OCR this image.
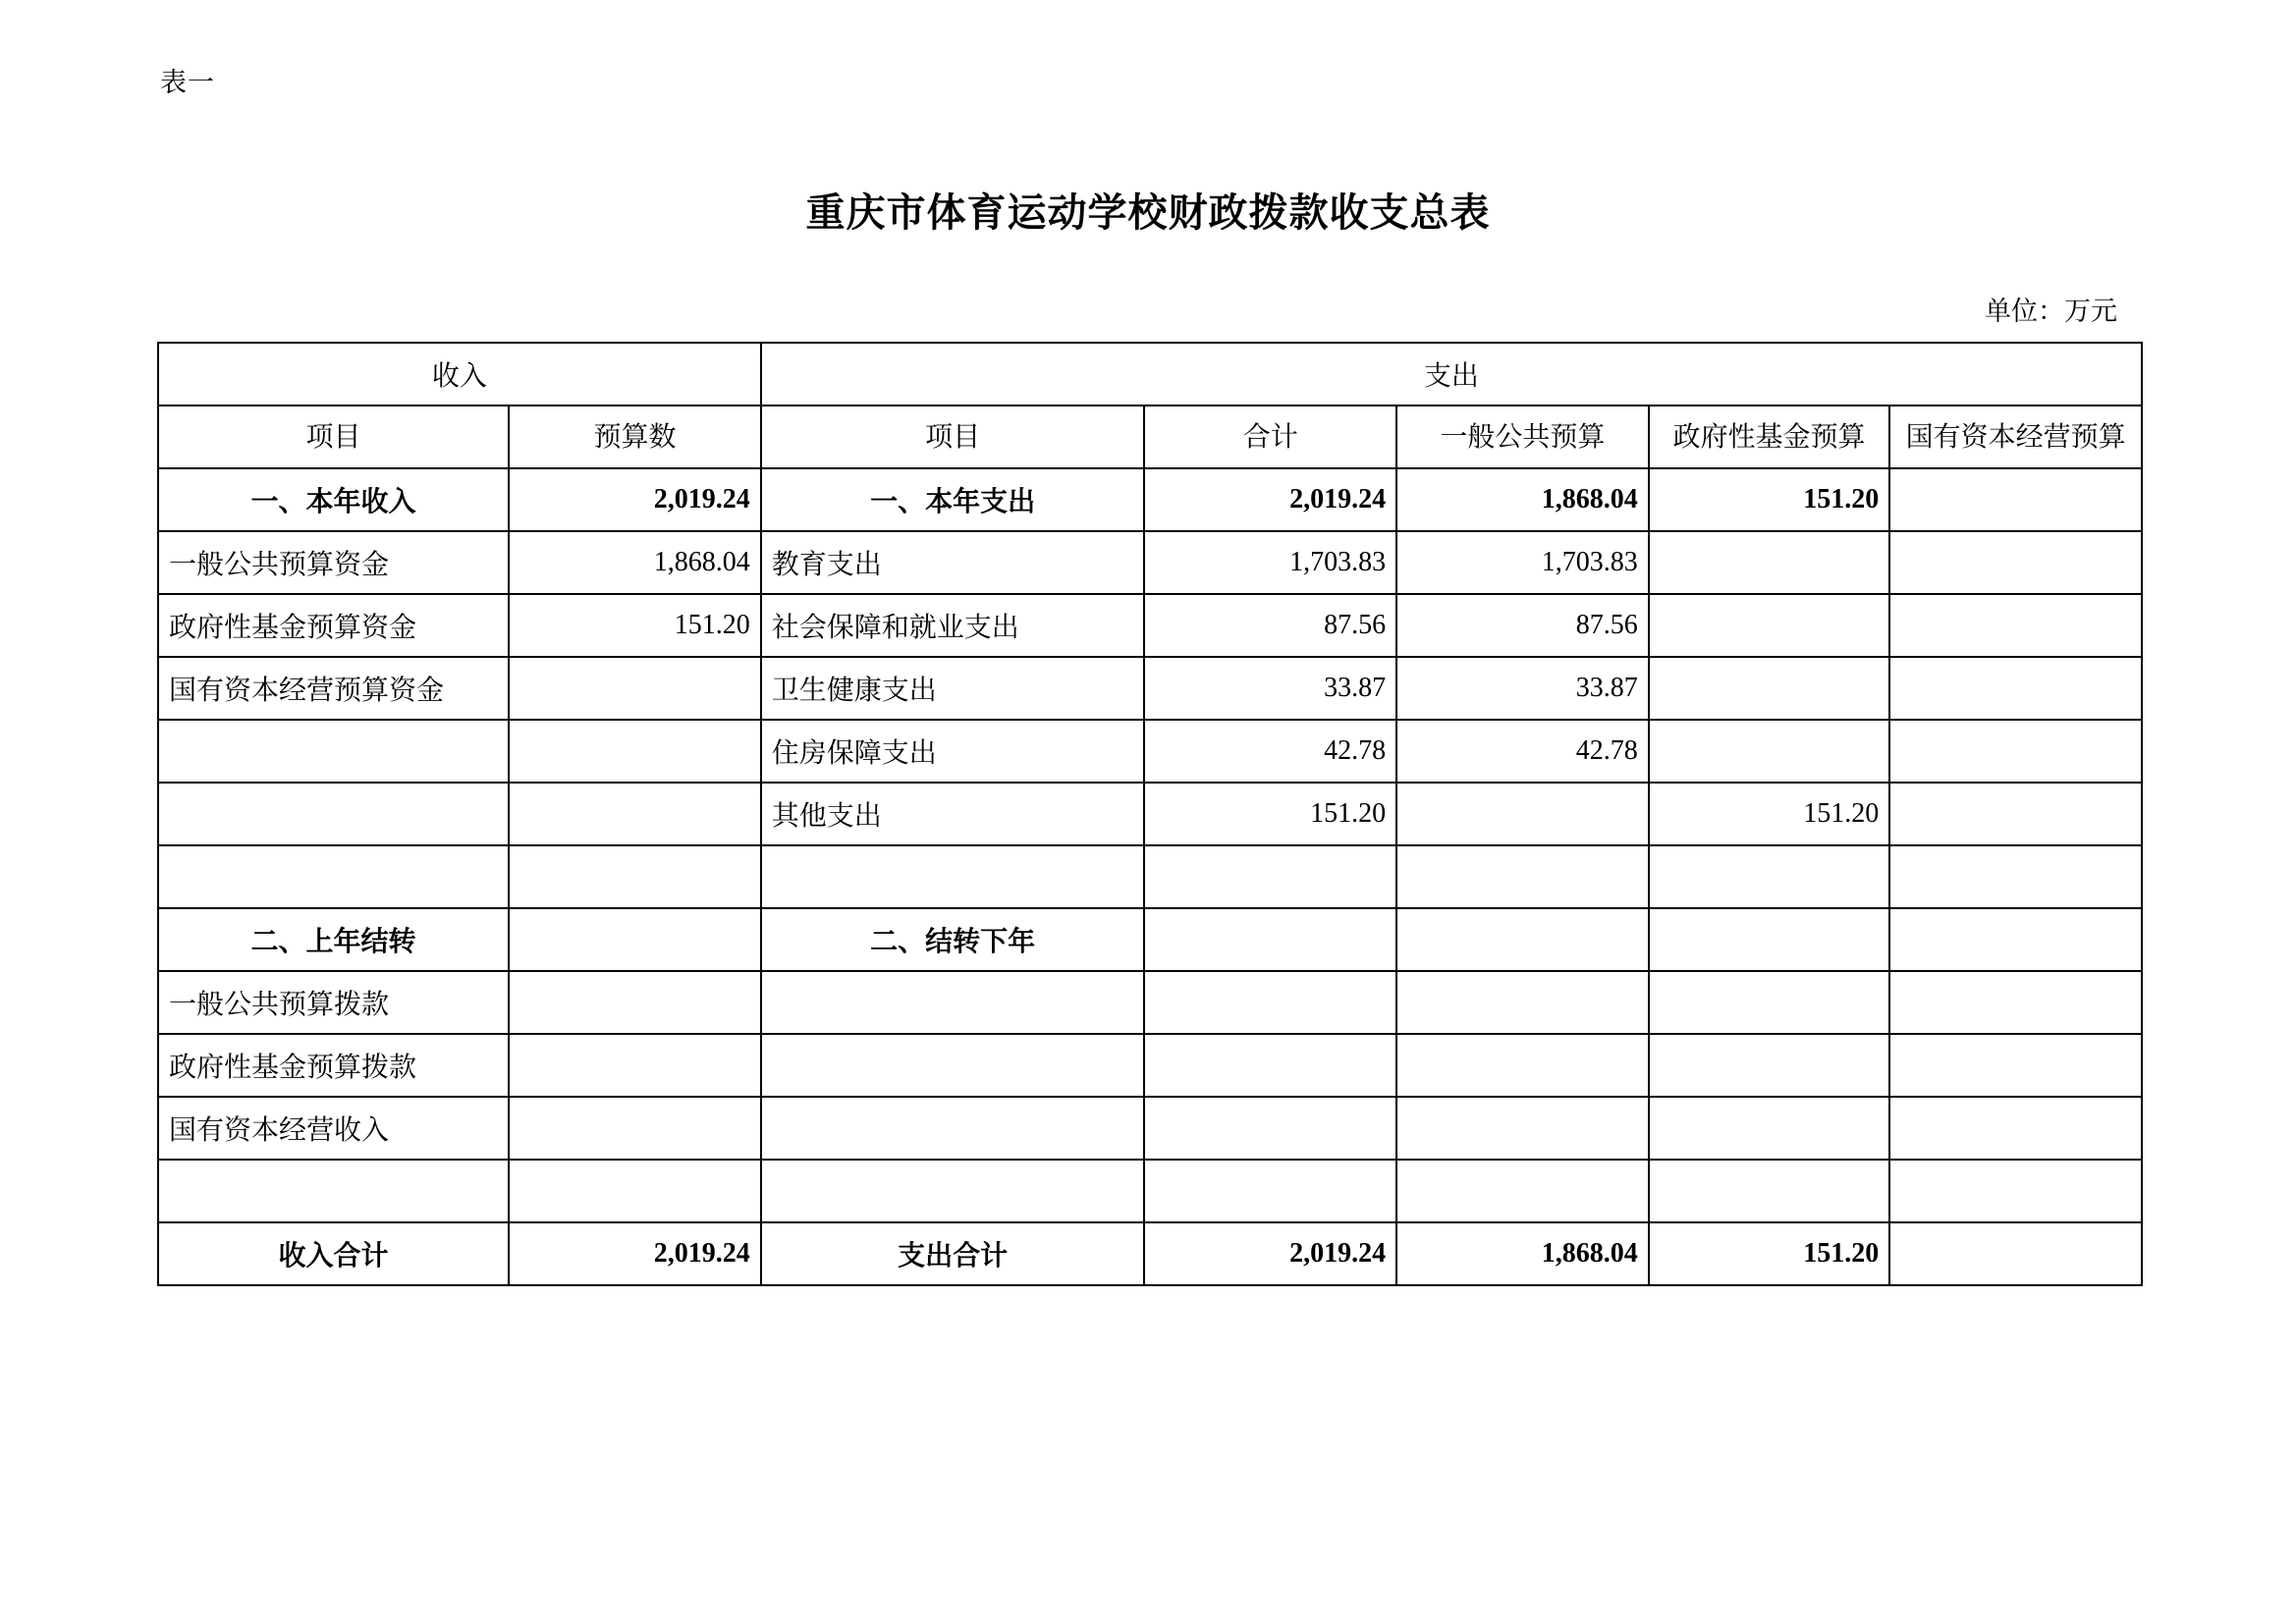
表一
重庆市体育运动学校财政拨款收支总表
单位：万元
收入		支出				
项目	预算数	项目	合计	一般公共预算	政府性基金预算	国有资本经营预算
一、本年收入	2,019.24	一、本年支出	2,019.24	1,868.04	151.20	
一般公共预算资金	1,868.04	教育支出	1,703.83	1,703.83		
政府性基金预算资金	151.20	社会保障和就业支出	87.56	87.56		
国有资本经营预算资金		卫生健康支出	33.87	33.87		
		住房保障支出	42.78	42.78		
		其他支出	151.20		151.20	

二、上年结转		二、结转下年				
一般公共预算拨款						
政府性基金预算拨款						
国有资本经营收入						

收入合计	2,019.24	支出合计	2,019.24	1,868.04	151.20	
